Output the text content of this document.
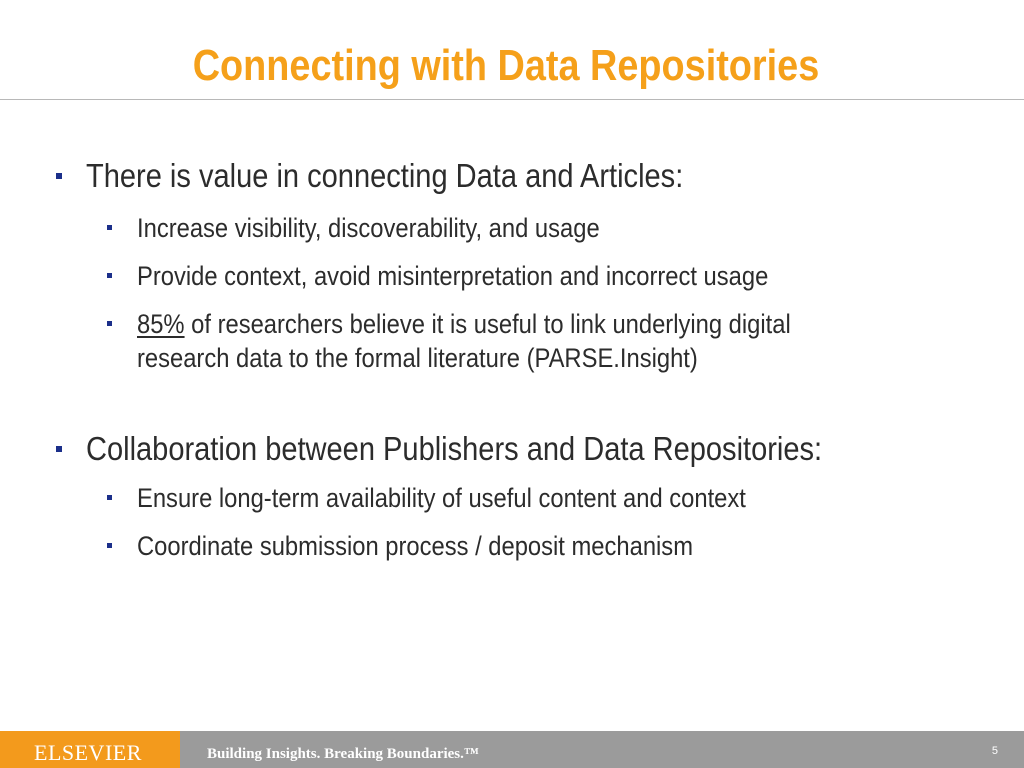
Connecting with Data Repositories
There is value in connecting Data and Articles:
Increase visibility, discoverability, and usage
Provide context, avoid misinterpretation and incorrect usage
85% of researchers believe it is useful to link underlying digital
research data to the formal literature (PARSE.Insight)
Collaboration between Publishers and Data Repositories:
Ensure long-term availability of useful content and context
Coordinate submission process / deposit mechanism
ELSEVIER	Building Insights. Breaking Boundaries.™	5
